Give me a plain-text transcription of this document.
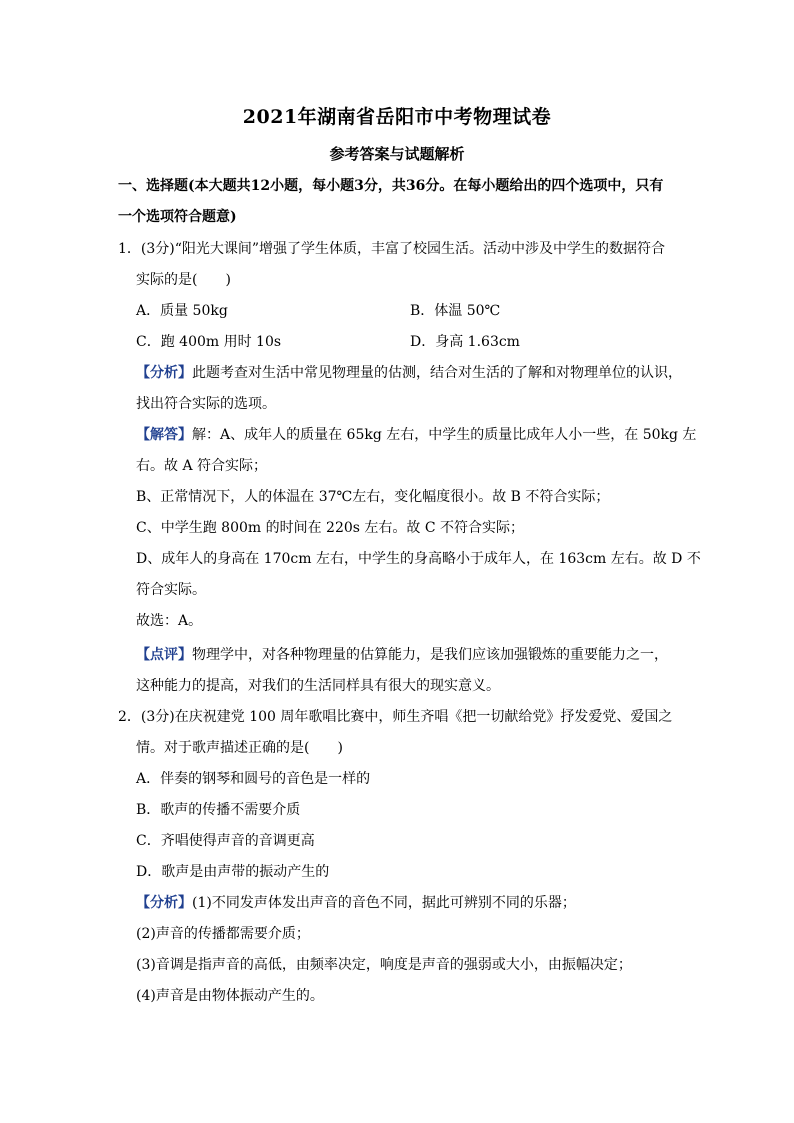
2021年湖南省岳阳市中考物理试卷
参考答案与试题解析
一、选择题(本大题共12小题，每小题3分，共36分。在每小题给出的四个选项中，只有
一个选项符合题意)
1．(3分)“阳光大课间”增强了学生体质，丰富了校园生活。活动中涉及中学生的数据符合
实际的是(　　)
A．质量 50kg	B．体温 50℃
C．跑 400m 用时 10s	D．身高 1.63cm
【分析】此题考查对生活中常见物理量的估测，结合对生活的了解和对物理单位的认识，
找出符合实际的选项。
【解答】解：A、成年人的质量在 65kg 左右，中学生的质量比成年人小一些，在 50kg 左
右。故 A 符合实际；
B、正常情况下，人的体温在 37℃左右，变化幅度很小。故 B 不符合实际；
C、中学生跑 800m 的时间在 220s 左右。故 C 不符合实际；
D、成年人的身高在 170cm 左右，中学生的身高略小于成年人，在 163cm 左右。故 D 不
符合实际。
故选：A。
【点评】物理学中，对各种物理量的估算能力，是我们应该加强锻炼的重要能力之一，
这种能力的提高，对我们的生活同样具有很大的现实意义。
2．(3分)在庆祝建党 100 周年歌唱比赛中，师生齐唱《把一切献给党》抒发爱党、爱国之
情。对于歌声描述正确的是(　　)
A．伴奏的钢琴和圆号的音色是一样的
B．歌声的传播不需要介质
C．齐唱使得声音的音调更高
D．歌声是由声带的振动产生的
【分析】(1)不同发声体发出声音的音色不同，据此可辨别不同的乐器；
(2)声音的传播都需要介质；
(3)音调是指声音的高低，由频率决定，响度是声音的强弱或大小，由振幅决定；
(4)声音是由物体振动产生的。
